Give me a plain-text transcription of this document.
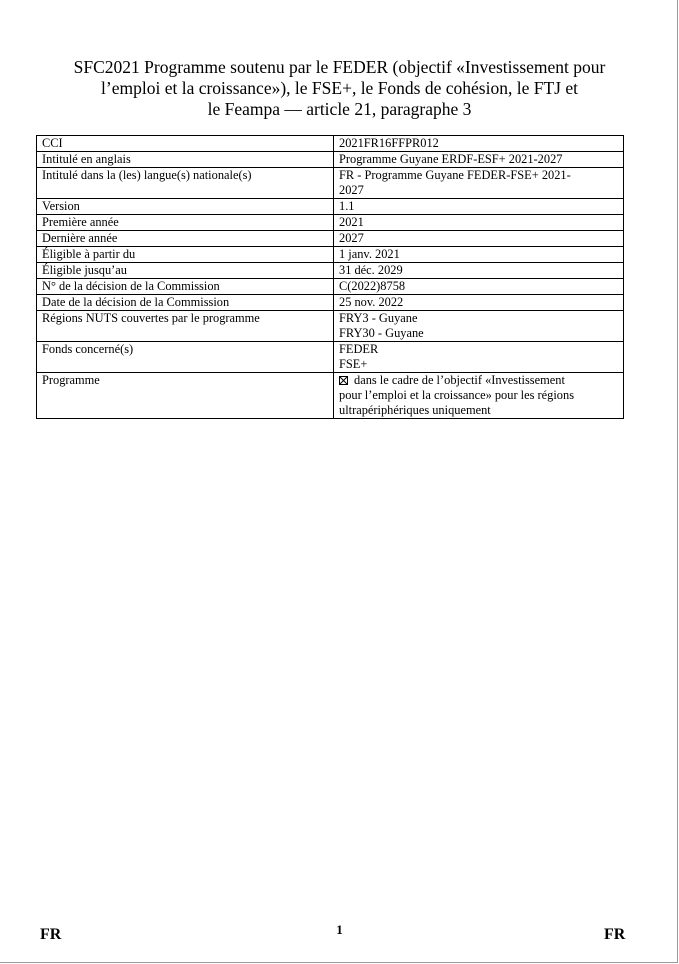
SFC2021 Programme soutenu par le FEDER (objectif «Investissement pour
l’emploi et la croissance»), le FSE+, le Fonds de cohésion, le FTJ et
le Feampa — article 21, paragraphe 3
CCI	2021FR16FFPR012

Intitulé en anglais	Programme Guyane ERDF-ESF+ 2021-2027

Intitulé dans la (les) langue(s) nationale(s)	FR - Programme Guyane FEDER-FSE+ 2021-
2027

Version	1.1

Première année	2021

Dernière année	2027

Éligible à partir du	1 janv. 2021

Éligible jusqu’au	31 déc. 2029

N° de la décision de la Commission	C(2022)8758

Date de la décision de la Commission	25 nov. 2022

Régions NUTS couvertes par le programme	FRY3 - Guyane
FRY30 - Guyane

Fonds concerné(s)	FEDER
FSE+

Programme	dans le cadre de l’objectif «Investissement
pour l’emploi et la croissance» pour les régions
ultrapériphériques uniquement
FR	1	FR
